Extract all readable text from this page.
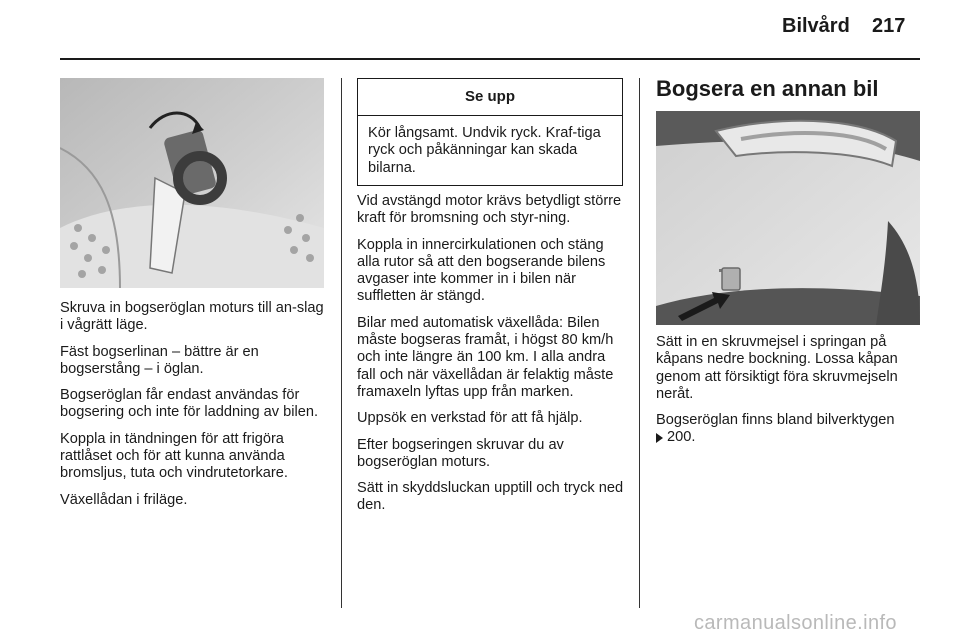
Bilvård 217

Skruva in bogseröglan moturs till an-slag i vågrätt läge.

Fäst bogserlinan – bättre är en bogserstång – i öglan.

Bogseröglan får endast användas för bogsering och inte för laddning av bilen.

Koppla in tändningen för att frigöra rattlåset och för att kunna använda bromsljus, tuta och vindrutetorkare.

Växellådan i friläge.

Se upp
Kör långsamt. Undvik ryck. Kraf-tiga ryck och påkänningar kan skada bilarna.

Vid avstängd motor krävs betydligt större kraft för bromsning och styr-ning.

Koppla in innercirkulationen och stäng alla rutor så att den bogserande bilens avgaser inte kommer in i bilen när suffletten är stängd.

Bilar med automatisk växellåda: Bilen måste bogseras framåt, i högst 80 km/h och inte längre än 100 km. I alla andra fall och när växellådan är felaktig måste framaxeln lyftas upp från marken.

Uppsök en verkstad för att få hjälp.

Efter bogseringen skruvar du av bogseröglan moturs.

Sätt in skyddsluckan upptill och tryck ned den.

Bogsera en annan bil

Sätt in en skruvmejsel i springan på kåpans nedre bockning. Lossa kåpan genom att försiktigt föra skruvmejseln neråt.

Bogseröglan finns bland bilverktygen
200.

carmanualsonline.info
